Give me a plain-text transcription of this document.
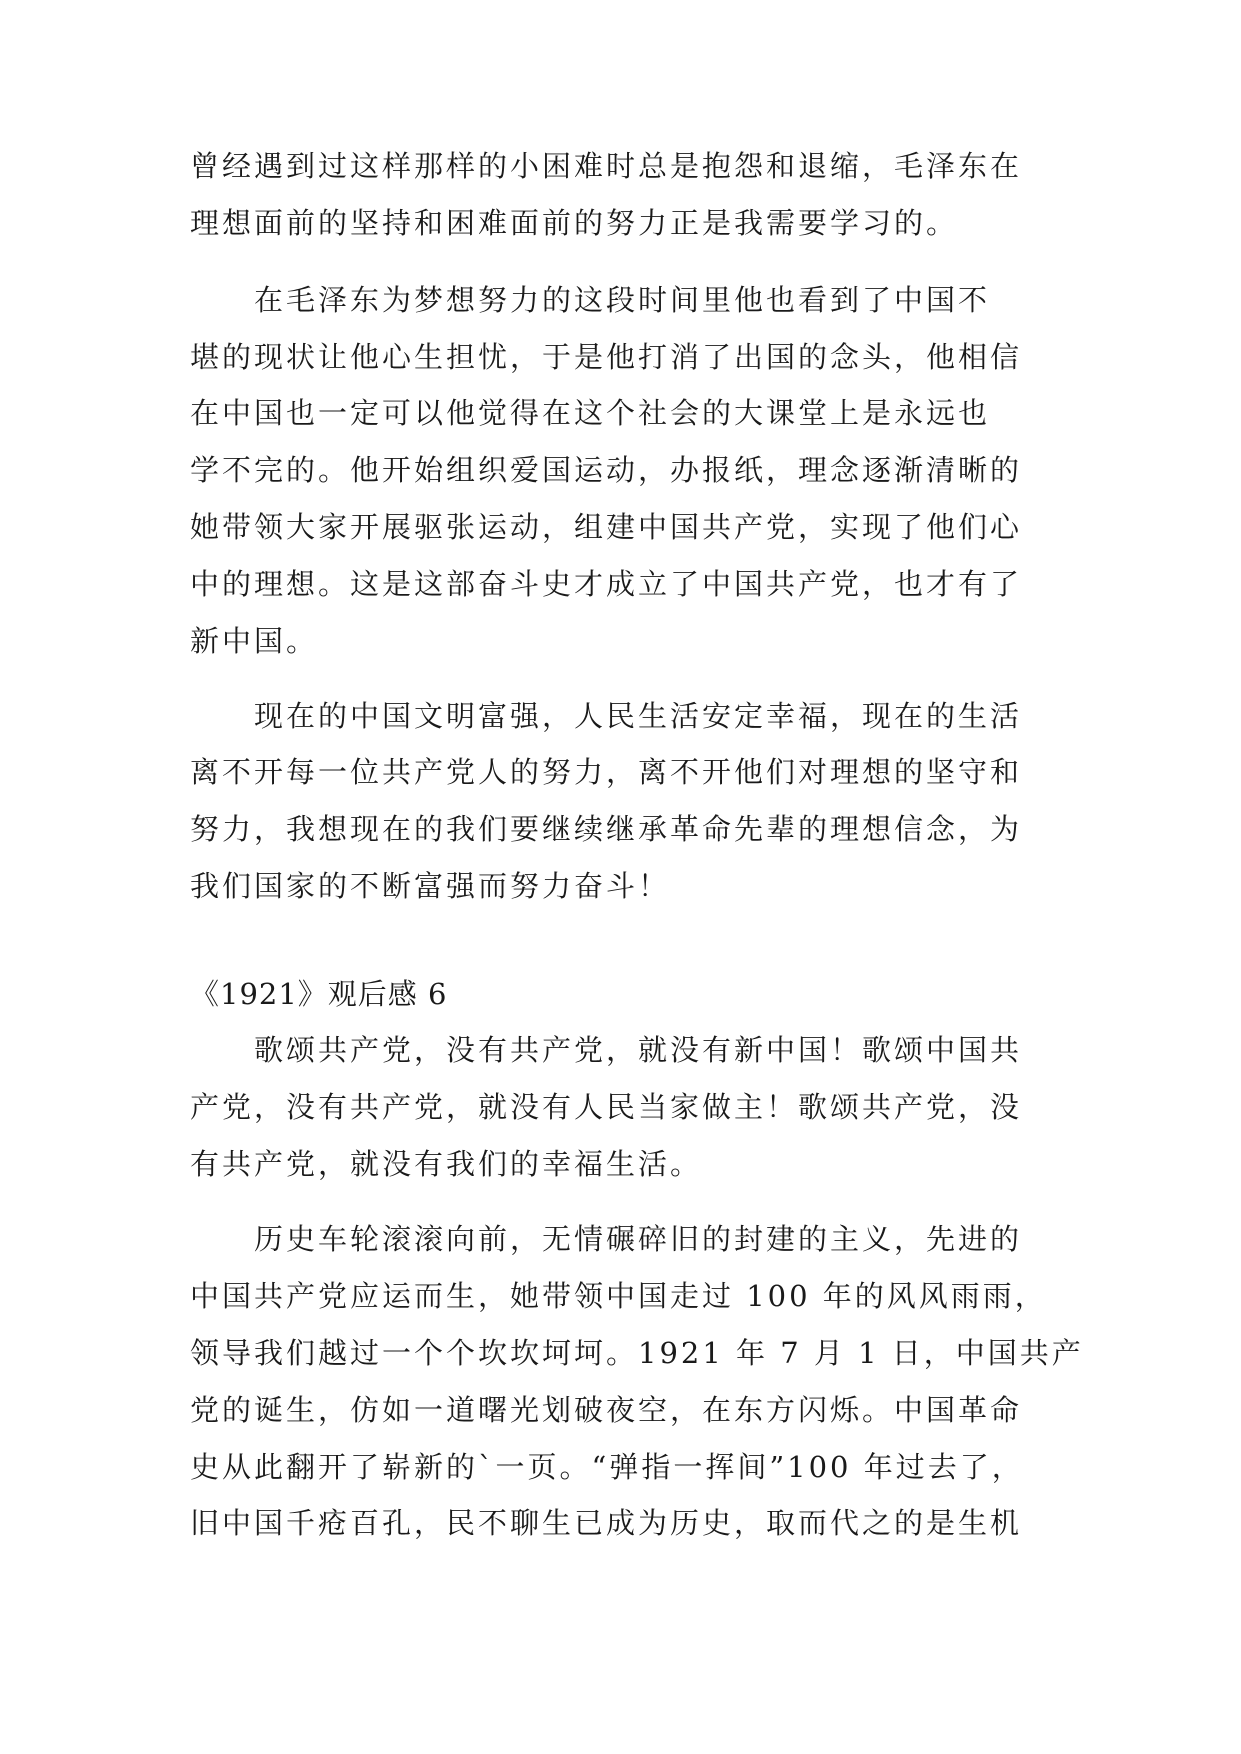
曾经遇到过这样那样的小困难时总是抱怨和退缩，毛泽东在
理想面前的坚持和困难面前的努力正是我需要学习的。
　　在毛泽东为梦想努力的这段时间里他也看到了中国不
堪的现状让他心生担忧，于是他打消了出国的念头，他相信
在中国也一定可以他觉得在这个社会的大课堂上是永远也
学不完的。他开始组织爱国运动，办报纸，理念逐渐清晰的
她带领大家开展驱张运动，组建中国共产党，实现了他们心
中的理想。这是这部奋斗史才成立了中国共产党，也才有了
新中国。
　　现在的中国文明富强，人民生活安定幸福，现在的生活
离不开每一位共产党人的努力，离不开他们对理想的坚守和
努力，我想现在的我们要继续继承革命先辈的理想信念，为
我们国家的不断富强而努力奋斗！
《1921》观后感 6
　　歌颂共产党，没有共产党，就没有新中国！歌颂中国共
产党，没有共产党，就没有人民当家做主！歌颂共产党，没
有共产党，就没有我们的幸福生活。
　　历史车轮滚滚向前，无情碾碎旧的封建的主义，先进的
中国共产党应运而生，她带领中国走过 100 年的风风雨雨，
领导我们越过一个个坎坎坷坷。1921 年 7 月 1 日，中国共产
党的诞生，仿如一道曙光划破夜空，在东方闪烁。中国革命
史从此翻开了崭新的`一页。“弹指一挥间”100 年过去了，
旧中国千疮百孔，民不聊生已成为历史，取而代之的是生机
